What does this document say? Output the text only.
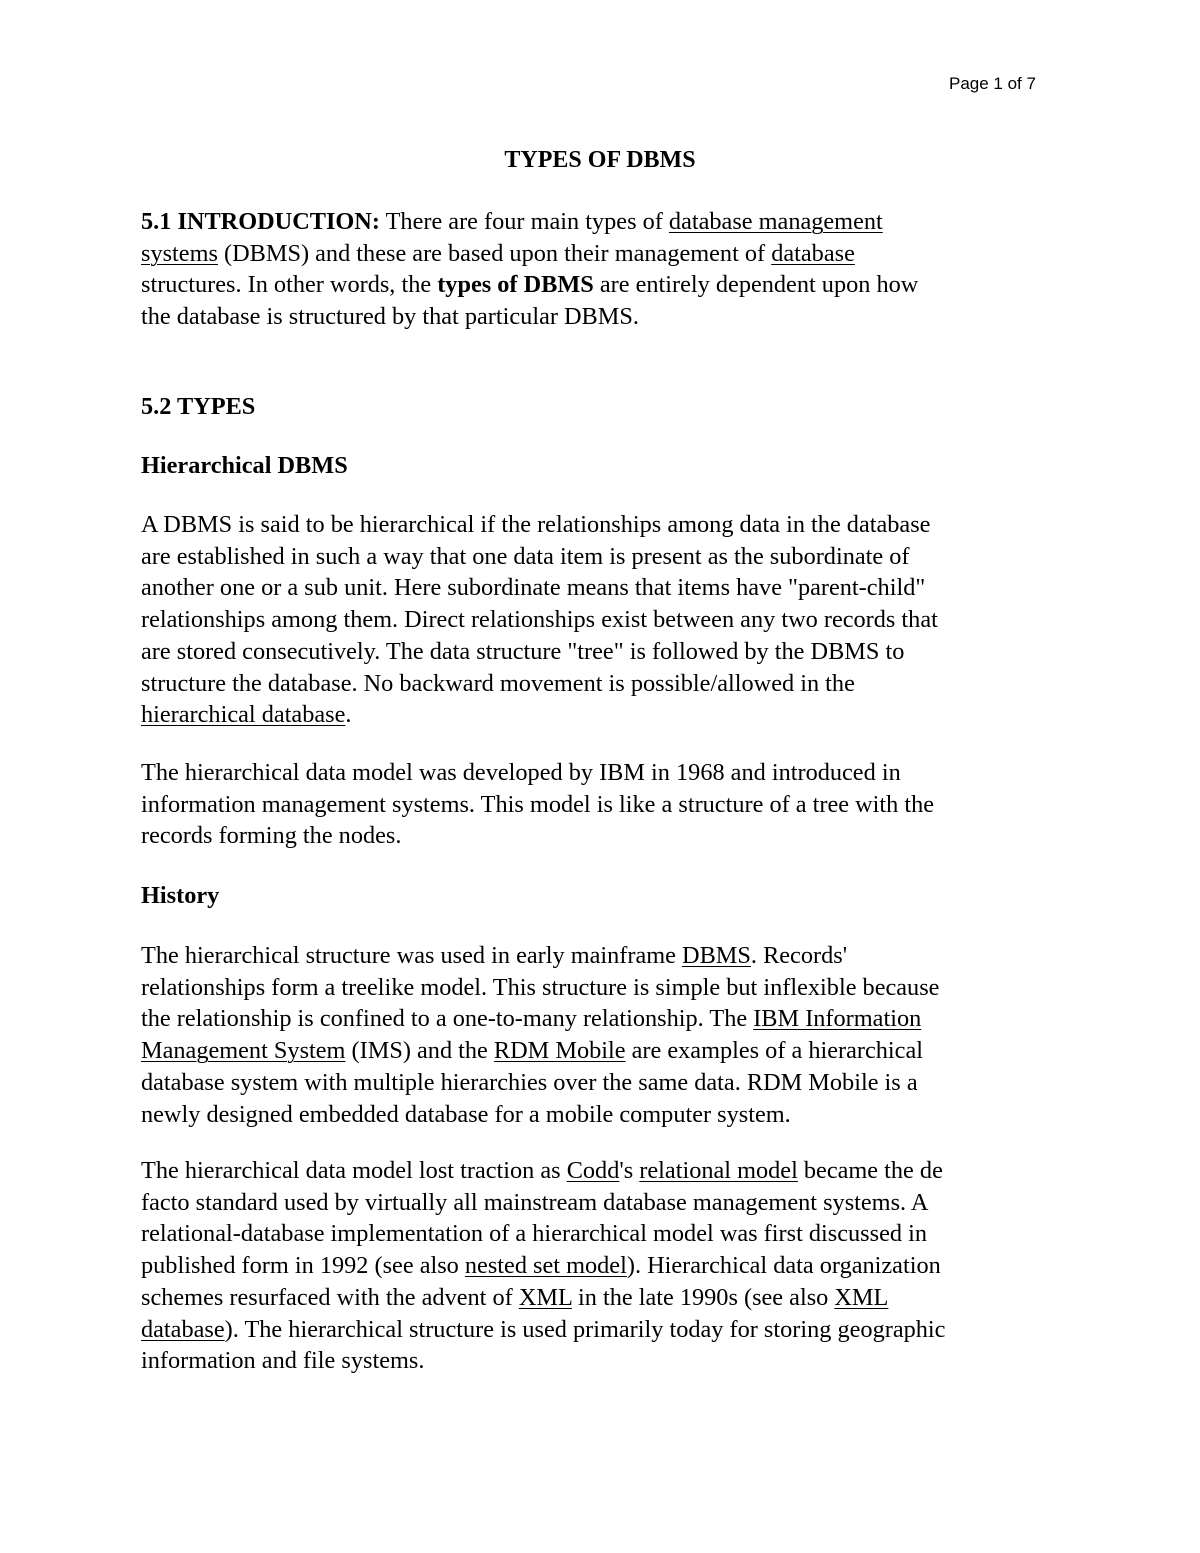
Page 1 of 7
TYPES OF DBMS
5.1 INTRODUCTION: There are four main types of database management
systems (DBMS) and these are based upon their management of database
structures. In other words, the types of DBMS are entirely dependent upon how
the database is structured by that particular DBMS.
5.2 TYPES
Hierarchical DBMS
A DBMS is said to be hierarchical if the relationships among data in the database
are established in such a way that one data item is present as the subordinate of
another one or a sub unit. Here subordinate means that items have "parent-child"
relationships among them. Direct relationships exist between any two records that
are stored consecutively. The data structure "tree" is followed by the DBMS to
structure the database. No backward movement is possible/allowed in the
hierarchical database.
The hierarchical data model was developed by IBM in 1968 and introduced in
information management systems. This model is like a structure of a tree with the
records forming the nodes.
History
The hierarchical structure was used in early mainframe DBMS. Records'
relationships form a treelike model. This structure is simple but inflexible because
the relationship is confined to a one-to-many relationship. The IBM Information
Management System (IMS) and the RDM Mobile are examples of a hierarchical
database system with multiple hierarchies over the same data. RDM Mobile is a
newly designed embedded database for a mobile computer system.
The hierarchical data model lost traction as Codd's relational model became the de
facto standard used by virtually all mainstream database management systems. A
relational-database implementation of a hierarchical model was first discussed in
published form in 1992 (see also nested set model). Hierarchical data organization
schemes resurfaced with the advent of XML in the late 1990s (see also XML
database). The hierarchical structure is used primarily today for storing geographic
information and file systems.
